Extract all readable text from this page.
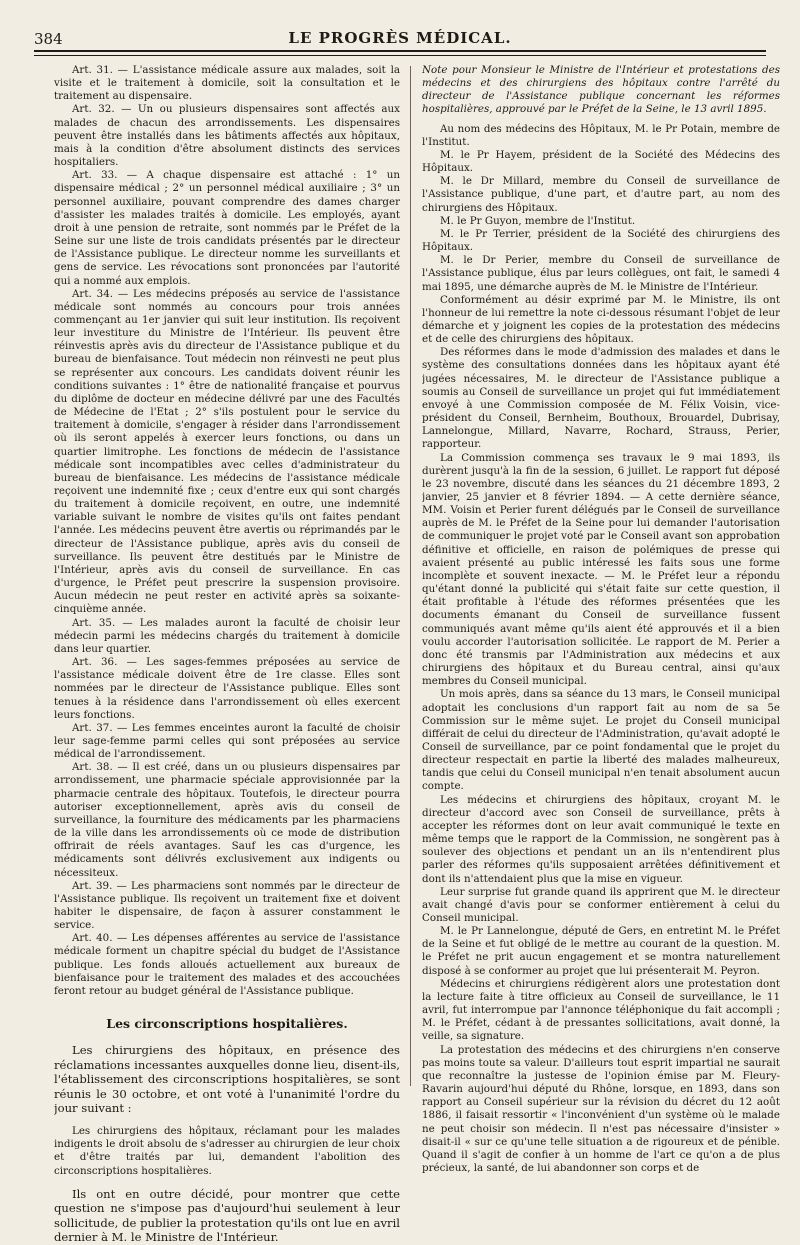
384	LE PROGRÈS MÉDICAL.

Art. 31. — L'assistance médicale assure aux malades, soit la visite et le traitement à domicile, soit la consultation et le traitement au dispensaire.

Art. 32. — Un ou plusieurs dispensaires sont affectés aux malades de chacun des arrondissements. Les dispensaires peuvent être installés dans les bâtiments affectés aux hôpitaux, mais à la condition d'être absolument distincts des services hospitaliers.

Art. 33. — A chaque dispensaire est attaché : 1° un dispensaire médical ; 2° un personnel médical auxiliaire ; 3° un personnel auxiliaire, pouvant comprendre des dames charger d'assister les malades traités à domicile. Les employés, ayant droit à une pension de retraite, sont nommés par le Préfet de la Seine sur une liste de trois candidats présentés par le directeur de l'Assistance publique. Le directeur nomme les surveillants et gens de service. Les révocations sont prononcées par l'autorité qui a nommé aux emplois.

Art. 34. — Les médecins préposés au service de l'assistance médicale sont nommés au concours pour trois années commençant au 1er janvier qui suit leur institution. Ils reçoivent leur investiture du Ministre de l'Intérieur. Ils peuvent être réinvestis après avis du directeur de l'Assistance publique et du bureau de bienfaisance. Tout médecin non réinvesti ne peut plus se représenter aux concours. Les candidats doivent réunir les conditions suivantes : 1° être de nationalité française et pourvus du diplôme de docteur en médecine délivré par une des Facultés de Médecine de l'Etat ; 2° s'ils postulent pour le service du traitement à domicile, s'engager à résider dans l'arrondissement où ils seront appelés à exercer leurs fonctions, ou dans un quartier limitrophe. Les fonctions de médecin de l'assistance médicale sont incompatibles avec celles d'administrateur du bureau de bienfaisance. Les médecins de l'assistance médicale reçoivent une indemnité fixe ; ceux d'entre eux qui sont chargés du traitement à domicile reçoivent, en outre, une indemnité variable suivant le nombre de visites qu'ils ont faites pendant l'année. Les médecins peuvent être avertis ou réprimandés par le directeur de l'Assistance publique, après avis du conseil de surveillance. Ils peuvent être destitués par le Ministre de l'Intérieur, après avis du conseil de surveillance. En cas d'urgence, le Préfet peut prescrire la suspension provisoire. Aucun médecin ne peut rester en activité après sa soixante-cinquième année.

Art. 35. — Les malades auront la faculté de choisir leur médecin parmi les médecins chargés du traitement à domicile dans leur quartier.

Art. 36. — Les sages-femmes préposées au service de l'assistance médicale doivent être de 1re classe. Elles sont nommées par le directeur de l'Assistance publique. Elles sont tenues à la résidence dans l'arrondissement où elles exercent leurs fonctions.

Art. 37. — Les femmes enceintes auront la faculté de choisir leur sage-femme parmi celles qui sont préposées au service médical de l'arrondissement.

Art. 38. — Il est créé, dans un ou plusieurs dispensaires par arrondissement, une pharmacie spéciale approvisionnée par la pharmacie centrale des hôpitaux. Toutefois, le directeur pourra autoriser exceptionnellement, après avis du conseil de surveillance, la fourniture des médicaments par les pharmaciens de la ville dans les arrondissements où ce mode de distribution offrirait de réels avantages. Sauf les cas d'urgence, les médicaments sont délivrés exclusivement aux indigents ou nécessiteux.

Art. 39. — Les pharmaciens sont nommés par le directeur de l'Assistance publique. Ils reçoivent un traitement fixe et doivent habiter le dispensaire, de façon à assurer constamment le service.

Art. 40. — Les dépenses afférentes au service de l'assistance médicale forment un chapitre spécial du budget de l'Assistance publique. Les fonds alloués actuellement aux bureaux de bienfaisance pour le traitement des malades et des accouchées feront retour au budget général de l'Assistance publique.

Les circonscriptions hospitalières.

Les chirurgiens des hôpitaux, en présence des réclamations incessantes auxquelles donne lieu, disent-ils, l'établissement des circonscriptions hospitalières, se sont réunis le 30 octobre, et ont voté à l'unanimité l'ordre du jour suivant :

Les chirurgiens des hôpitaux, réclamant pour les malades indigents le droit absolu de s'adresser au chirurgien de leur choix et d'être traités par lui, demandent l'abolition des circonscriptions hospitalières.

Ils ont en outre décidé, pour montrer que cette question ne s'impose pas d'aujourd'hui seulement à leur sollicitude, de publier la protestation qu'ils ont lue en avril dernier à M. le Ministre de l'Intérieur.

Note pour Monsieur le Ministre de l'Intérieur et protestations des médecins et des chirurgiens des hôpitaux contre l'arrêté du directeur de l'Assistance publique concernant les réformes hospitalières, approuvé par le Préfet de la Seine, le 13 avril 1895.

Au nom des médecins des Hôpitaux, M. le Pr Potain, membre de l'Institut.

M. le Pr Hayem, président de la Société des Médecins des Hôpitaux.

M. le Dr Millard, membre du Conseil de surveillance de l'Assistance publique, d'une part, et d'autre part, au nom des chirurgiens des Hôpitaux.

M. le Pr Guyon, membre de l'Institut.

M. le Pr Terrier, président de la Société des chirurgiens des Hôpitaux.

M. le Dr Perier, membre du Conseil de surveillance de l'Assistance publique, élus par leurs collègues, ont fait, le samedi 4 mai 1895, une démarche auprès de M. le Ministre de l'Intérieur.

Conformément au désir exprimé par M. le Ministre, ils ont l'honneur de lui remettre la note ci-dessous résumant l'objet de leur démarche et y joignent les copies de la protestation des médecins et de celle des chirurgiens des hôpitaux.

Des réformes dans le mode d'admission des malades et dans le système des consultations données dans les hôpitaux ayant été jugées nécessaires, M. le directeur de l'Assistance publique a soumis au Conseil de surveillance un projet qui fut immédiatement envoyé à une Commission composée de M. Félix Voisin, vice-président du Conseil, Bernheim, Bouthoux, Brouardel, Dubrisay, Lannelongue, Millard, Navarre, Rochard, Strauss, Perier, rapporteur.

La Commission commença ses travaux le 9 mai 1893, ils durèrent jusqu'à la fin de la session, 6 juillet. Le rapport fut déposé le 23 novembre, discuté dans les séances du 21 décembre 1893, 2 janvier, 25 janvier et 8 février 1894. — A cette dernière séance, MM. Voisin et Perier furent délégués par le Conseil de surveillance auprès de M. le Préfet de la Seine pour lui demander l'autorisation de communiquer le projet voté par le Conseil avant son approbation définitive et officielle, en raison de polémiques de presse qui avaient présenté au public intéressé les faits sous une forme incomplète et souvent inexacte. — M. le Préfet leur a répondu qu'étant donné la publicité qui s'était faite sur cette question, il était profitable à l'étude des réformes présentées que les documents émanant du Conseil de surveillance fussent communiqués avant même qu'ils aient été approuvés et il a bien voulu accorder l'autorisation sollicitée. Le rapport de M. Perier a donc été transmis par l'Administration aux médecins et aux chirurgiens des hôpitaux et du Bureau central, ainsi qu'aux membres du Conseil municipal.

Un mois après, dans sa séance du 13 mars, le Conseil municipal adoptait les conclusions d'un rapport fait au nom de sa 5e Commission sur le même sujet. Le projet du Conseil municipal différait de celui du directeur de l'Administration, qu'avait adopté le Conseil de surveillance, par ce point fondamental que le projet du directeur respectait en partie la liberté des malades malheureux, tandis que celui du Conseil municipal n'en tenait absolument aucun compte.

Les médecins et chirurgiens des hôpitaux, croyant M. le directeur d'accord avec son Conseil de surveillance, prêts à accepter les réformes dont on leur avait communiqué le texte en même temps que le rapport de la Commission, ne songèrent pas à soulever des objections et pendant un an ils n'entendirent plus parler des réformes qu'ils supposaient arrêtées définitivement et dont ils n'attendaient plus que la mise en vigueur.

Leur surprise fut grande quand ils apprirent que M. le directeur avait changé d'avis pour se conformer entièrement à celui du Conseil municipal.

M. le Pr Lannelongue, député de Gers, en entretint M. le Préfet de la Seine et fut obligé de le mettre au courant de la question. M. le Préfet ne prit aucun engagement et se montra naturellement disposé à se conformer au projet que lui présenterait M. Peyron.

Médecins et chirurgiens rédigèrent alors une protestation dont la lecture faite à titre officieux au Conseil de surveillance, le 11 avril, fut interrompue par l'annonce téléphonique du fait accompli ; M. le Préfet, cédant à de pressantes sollicitations, avait donné, la veille, sa signature.

La protestation des médecins et des chirurgiens n'en conserve pas moins toute sa valeur. D'ailleurs tout esprit impartial ne saurait que reconnaître la justesse de l'opinion émise par M. Fleury-Ravarin aujourd'hui député du Rhône, lorsque, en 1893, dans son rapport au Conseil supérieur sur la révision du décret du 12 août 1886, il faisait ressortir « l'inconvénient d'un système où le malade ne peut choisir son médecin. Il n'est pas nécessaire d'insister » disait-il « sur ce qu'une telle situation a de rigoureux et de pénible. Quand il s'agit de confier à un homme de l'art ce qu'on a de plus précieux, la santé, de lui abandonner son corps et de
